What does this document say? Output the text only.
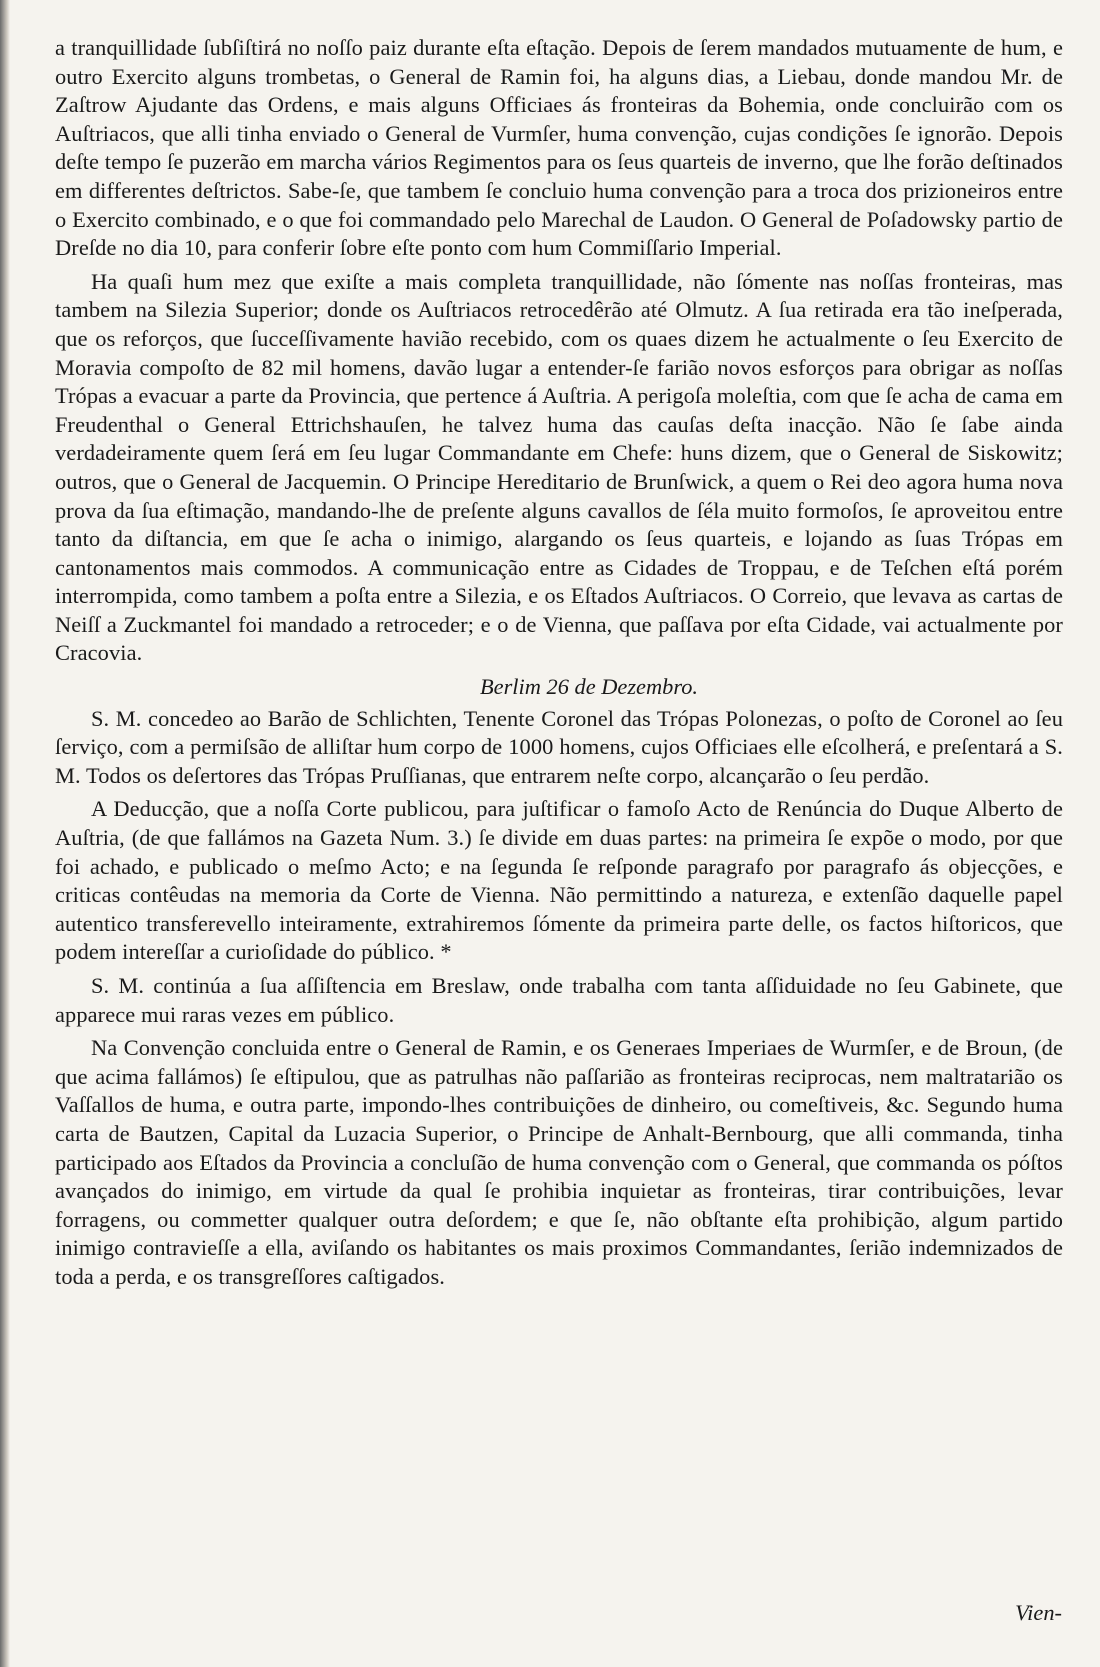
a tranquillidade ſubſiſtirá no noſſo paiz durante eſta eſtação. Depois de ſerem mandados mutuamente de hum, e outro Exercito alguns trombetas, o General de Ramin foi, ha alguns dias, a Liebau, donde mandou Mr. de Zaſtrow Ajudante das Ordens, e mais alguns Officiaes ás fronteiras da Bohemia, onde concluirão com os Auſtriacos, que alli tinha enviado o General de Vurmſer, huma convenção, cujas condições ſe ignorão. Depois deſte tempo ſe puzerão em marcha vários Regimentos para os ſeus quarteis de inverno, que lhe forão deſtinados em differentes deſtrictos. Sabe-ſe, que tambem ſe concluio huma convenção para a troca dos prizioneiros entre o Exercito combinado, e o que foi commandado pelo Marechal de Laudon. O General de Poſadowsky partio de Dreſde no dia 10, para conferir ſobre eſte ponto com hum Commiſſario Imperial.

Ha quaſi hum mez que exiſte a mais completa tranquillidade, não ſómente nas noſſas fronteiras, mas tambem na Silezia Superior; donde os Auſtriacos retrocedêrão até Olmutz. A ſua retirada era tão ineſperada, que os reforços, que ſucceſſivamente havião recebido, com os quaes dizem he actualmente o ſeu Exercito de Moravia compoſto de 82 mil homens, davão lugar a entender-ſe farião novos esforços para obrigar as noſſas Trópas a evacuar a parte da Provincia, que pertence á Auſtria. A perigoſa moleſtia, com que ſe acha de cama em Freudenthal o General Ettrichshauſen, he talvez huma das cauſas deſta inacção. Não ſe ſabe ainda verdadeiramente quem ſerá em ſeu lugar Commandante em Chefe: huns dizem, que o General de Siskowitz; outros, que o General de Jacquemin. O Principe Hereditario de Brunſwick, a quem o Rei deo agora huma nova prova da ſua eſtimação, mandando-lhe de preſente alguns cavallos de ſéla muito formoſos, ſe aproveitou entre tanto da diſtancia, em que ſe acha o inimigo, alargando os ſeus quarteis, e lojando as ſuas Trópas em cantonamentos mais commodos. A communicação entre as Cidades de Troppau, e de Teſchen eſtá porém interrompida, como tambem a poſta entre a Silezia, e os Eſtados Auſtriacos. O Correio, que levava as cartas de Neiſſ a Zuckmantel foi mandado a retroceder; e o de Vienna, que paſſava por eſta Cidade, vai actualmente por Cracovia.

Berlim 26 de Dezembro.

S. M. concedeo ao Barão de Schlichten, Tenente Coronel das Trópas Polonezas, o poſto de Coronel ao ſeu ſerviço, com a permiſsão de alliſtar hum corpo de 1000 homens, cujos Officiaes elle eſcolherá, e preſentará a S. M. Todos os deſertores das Trópas Pruſſianas, que entrarem neſte corpo, alcançarão o ſeu perdão.

A Deducção, que a noſſa Corte publicou, para juſtificar o famoſo Acto de Renúncia do Duque Alberto de Auſtria, (de que fallámos na Gazeta Num. 3.) ſe divide em duas partes: na primeira ſe expõe o modo, por que foi achado, e publicado o meſmo Acto; e na ſegunda ſe reſponde paragrafo por paragrafo ás objecções, e criticas contêudas na memoria da Corte de Vienna. Não permittindo a natureza, e extenſão daquelle papel autentico transferevello inteiramente, extrahiremos ſómente da primeira parte delle, os factos hiſtoricos, que podem intereſſar a curioſidade do público. *

S. M. continúa a ſua aſſiſtencia em Breslaw, onde trabalha com tanta aſſiduidade no ſeu Gabinete, que apparece mui raras vezes em público.

Na Convenção concluida entre o General de Ramin, e os Generaes Imperiaes de Wurmſer, e de Broun, (de que acima fallámos) ſe eſtipulou, que as patrulhas não paſſarião as fronteiras reciprocas, nem maltratarião os Vaſſallos de huma, e outra parte, impondo-lhes contribuições de dinheiro, ou comeſtiveis, &c. Segundo huma carta de Bautzen, Capital da Luzacia Superior, o Principe de Anhalt-Bernbourg, que alli commanda, tinha participado aos Eſtados da Provincia a concluſão de huma convenção com o General, que commanda os póſtos avançados do inimigo, em virtude da qual ſe prohibia inquietar as fronteiras, tirar contribuições, levar forragens, ou commetter qualquer outra deſordem; e que ſe, não obſtante eſta prohibição, algum partido inimigo contravieſſe a ella, aviſando os habitantes os mais proximos Commandantes, ſerião indemnizados de toda a perda, e os transgreſſores caſtigados.

Vien-
